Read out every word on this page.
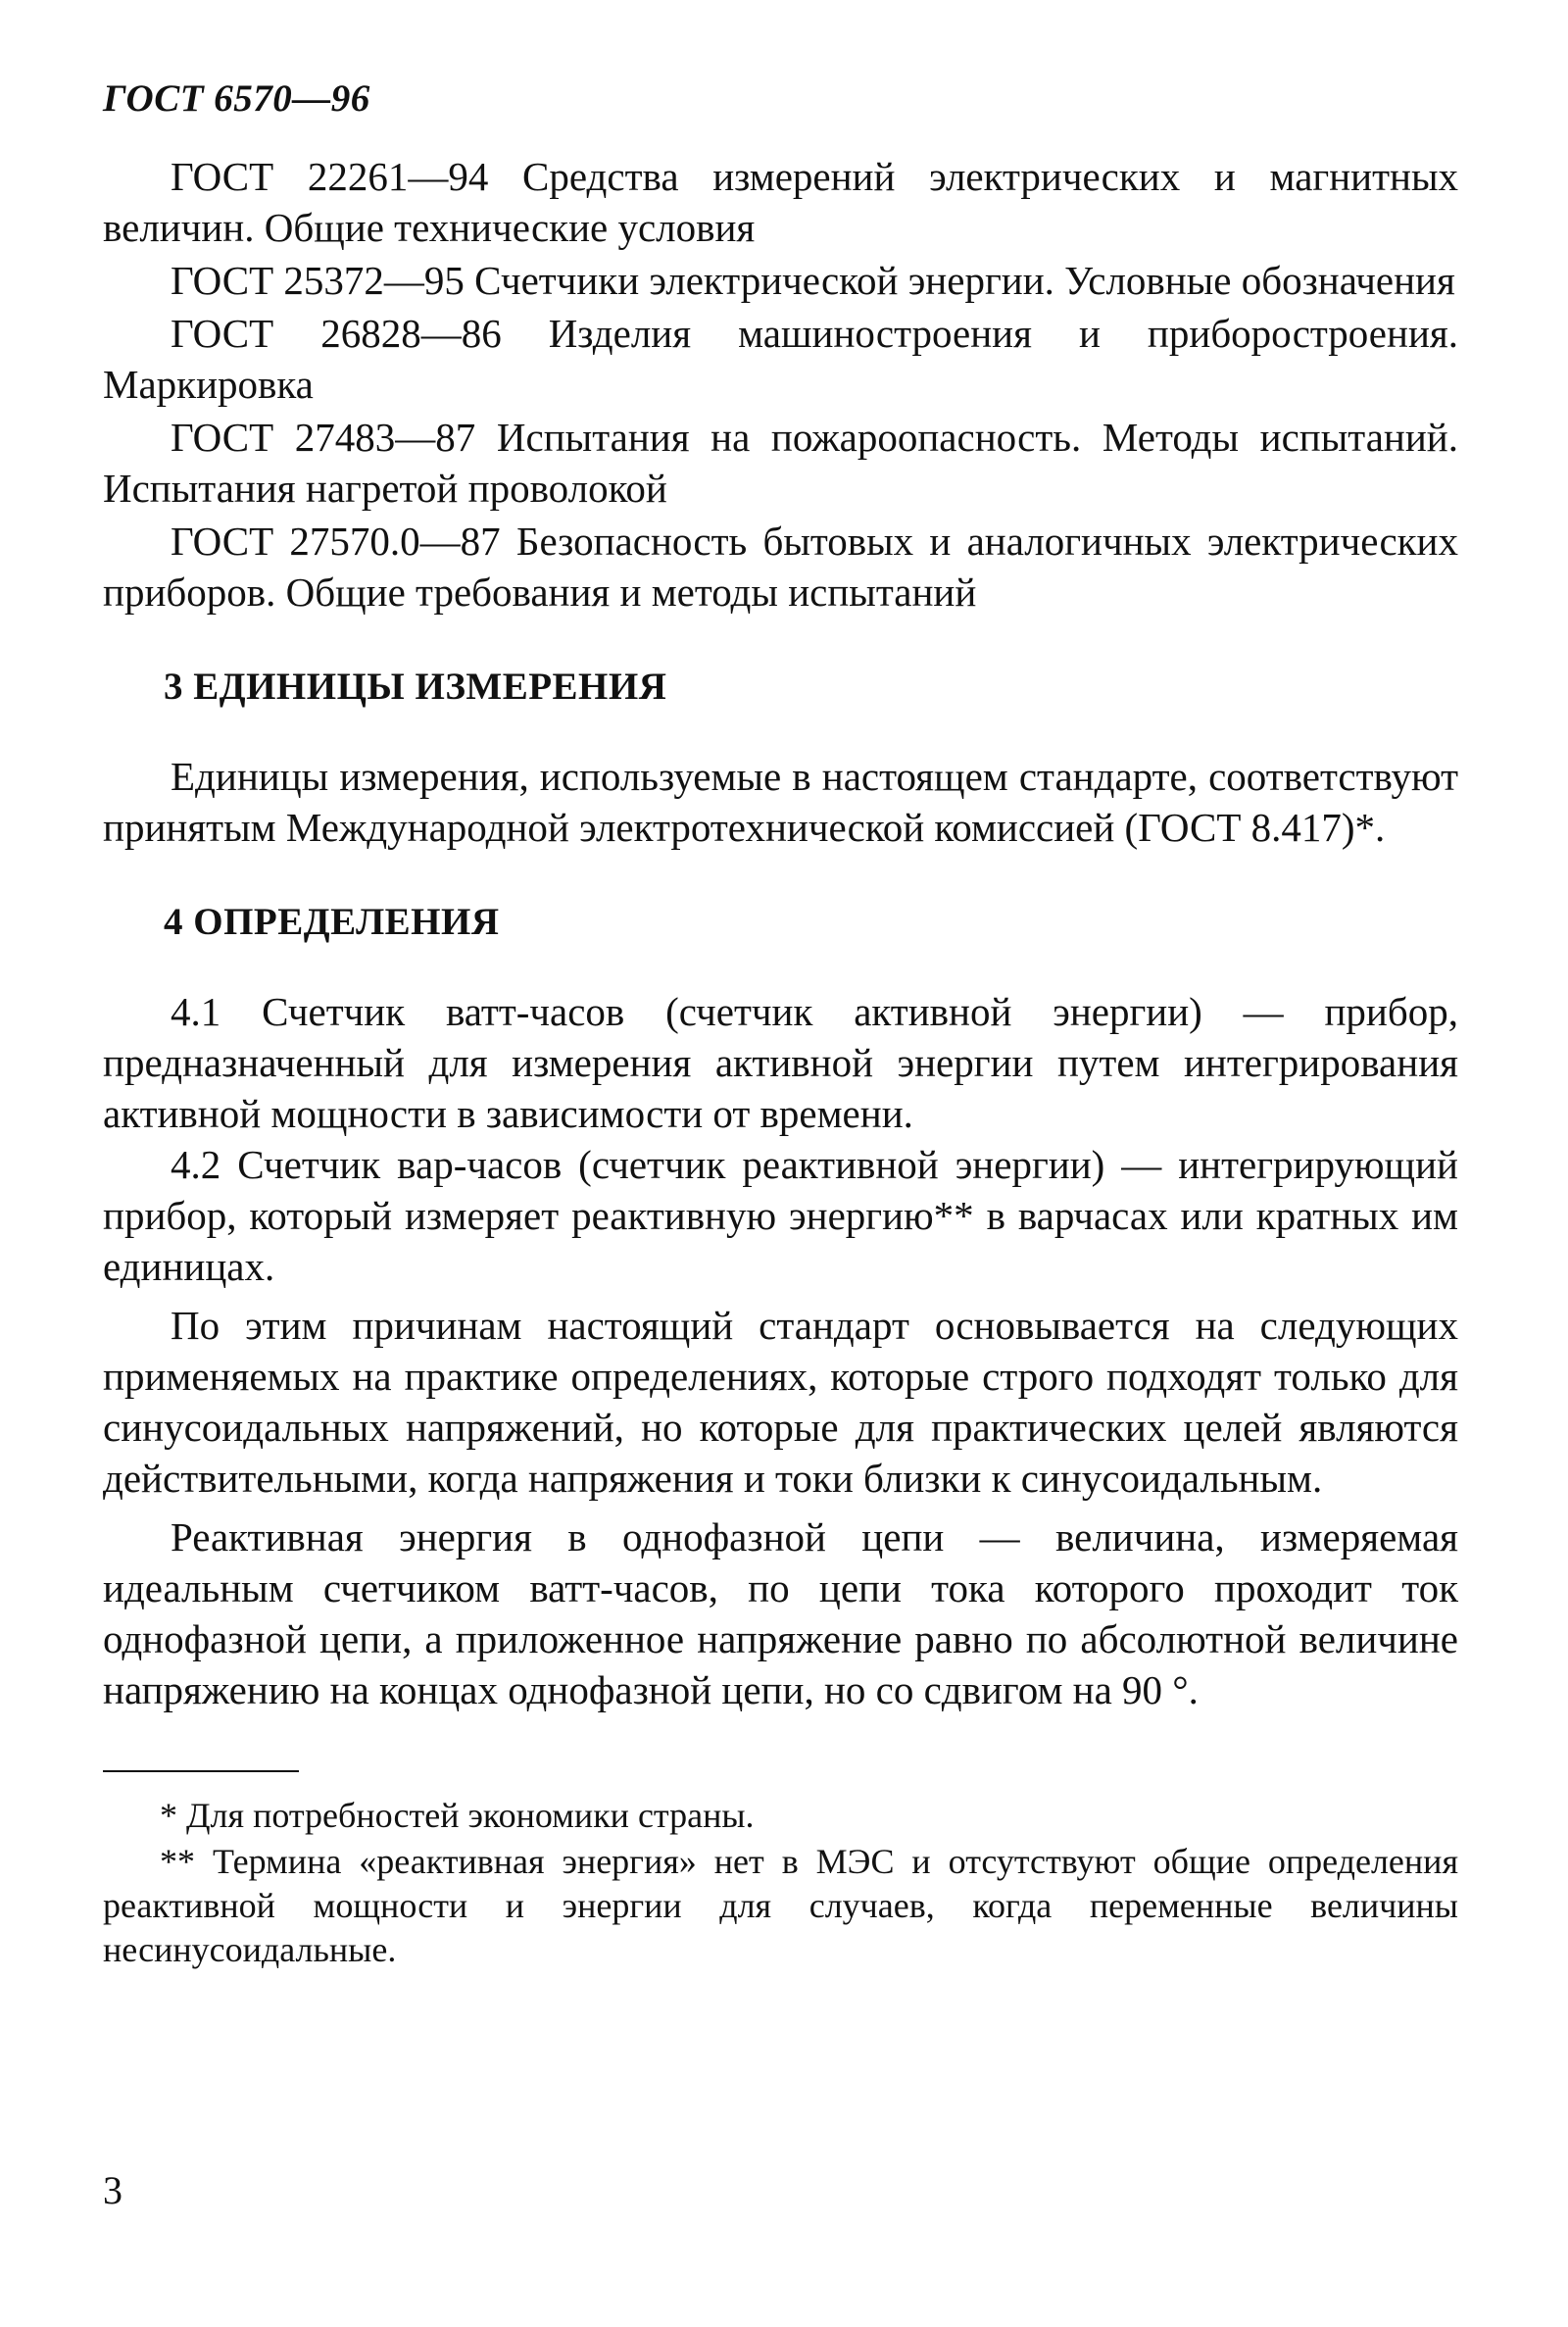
ГОСТ 6570—96

ГОСТ 22261—94 Средства измерений электрических и магнитных величин. Общие технические условия

ГОСТ 25372—95 Счетчики электрической энергии. Условные обозначения

ГОСТ 26828—86 Изделия машиностроения и приборостроения. Маркировка

ГОСТ 27483—87 Испытания на пожароопасность. Методы испытаний. Испытания нагретой проволокой

ГОСТ 27570.0—87 Безопасность бытовых и аналогичных электрических приборов. Общие требования и методы испытаний

3 ЕДИНИЦЫ ИЗМЕРЕНИЯ

Единицы измерения, используемые в настоящем стандарте, соответствуют принятым Международной электротехнической комиссией (ГОСТ 8.417)*.

4 ОПРЕДЕЛЕНИЯ

4.1 Счетчик ватт-часов (счетчик активной энергии) — прибор, предназначенный для измерения активной энергии путем интегрирования активной мощности в зависимости от времени.

4.2 Счетчик вар-часов (счетчик реактивной энергии) — интегрирующий прибор, который измеряет реактивную энергию** в варчасах или кратных им единицах.

По этим причинам настоящий стандарт основывается на следующих применяемых на практике определениях, которые строго подходят только для синусоидальных напряжений, но которые для практических целей являются действительными, когда напряжения и токи близки к синусоидальным.

Реактивная энергия в однофазной цепи — величина, измеряемая идеальным счетчиком ватт-часов, по цепи тока которого проходит ток однофазной цепи, а приложенное напряжение равно по абсолютной величине напряжению на концах однофазной цепи, но со сдвигом на 90 °.

* Для потребностей экономики страны.

** Термина «реактивная энергия» нет в МЭС и отсутствуют общие определения реактивной мощности и энергии для случаев, когда переменные величины несинусоидальные.

3
